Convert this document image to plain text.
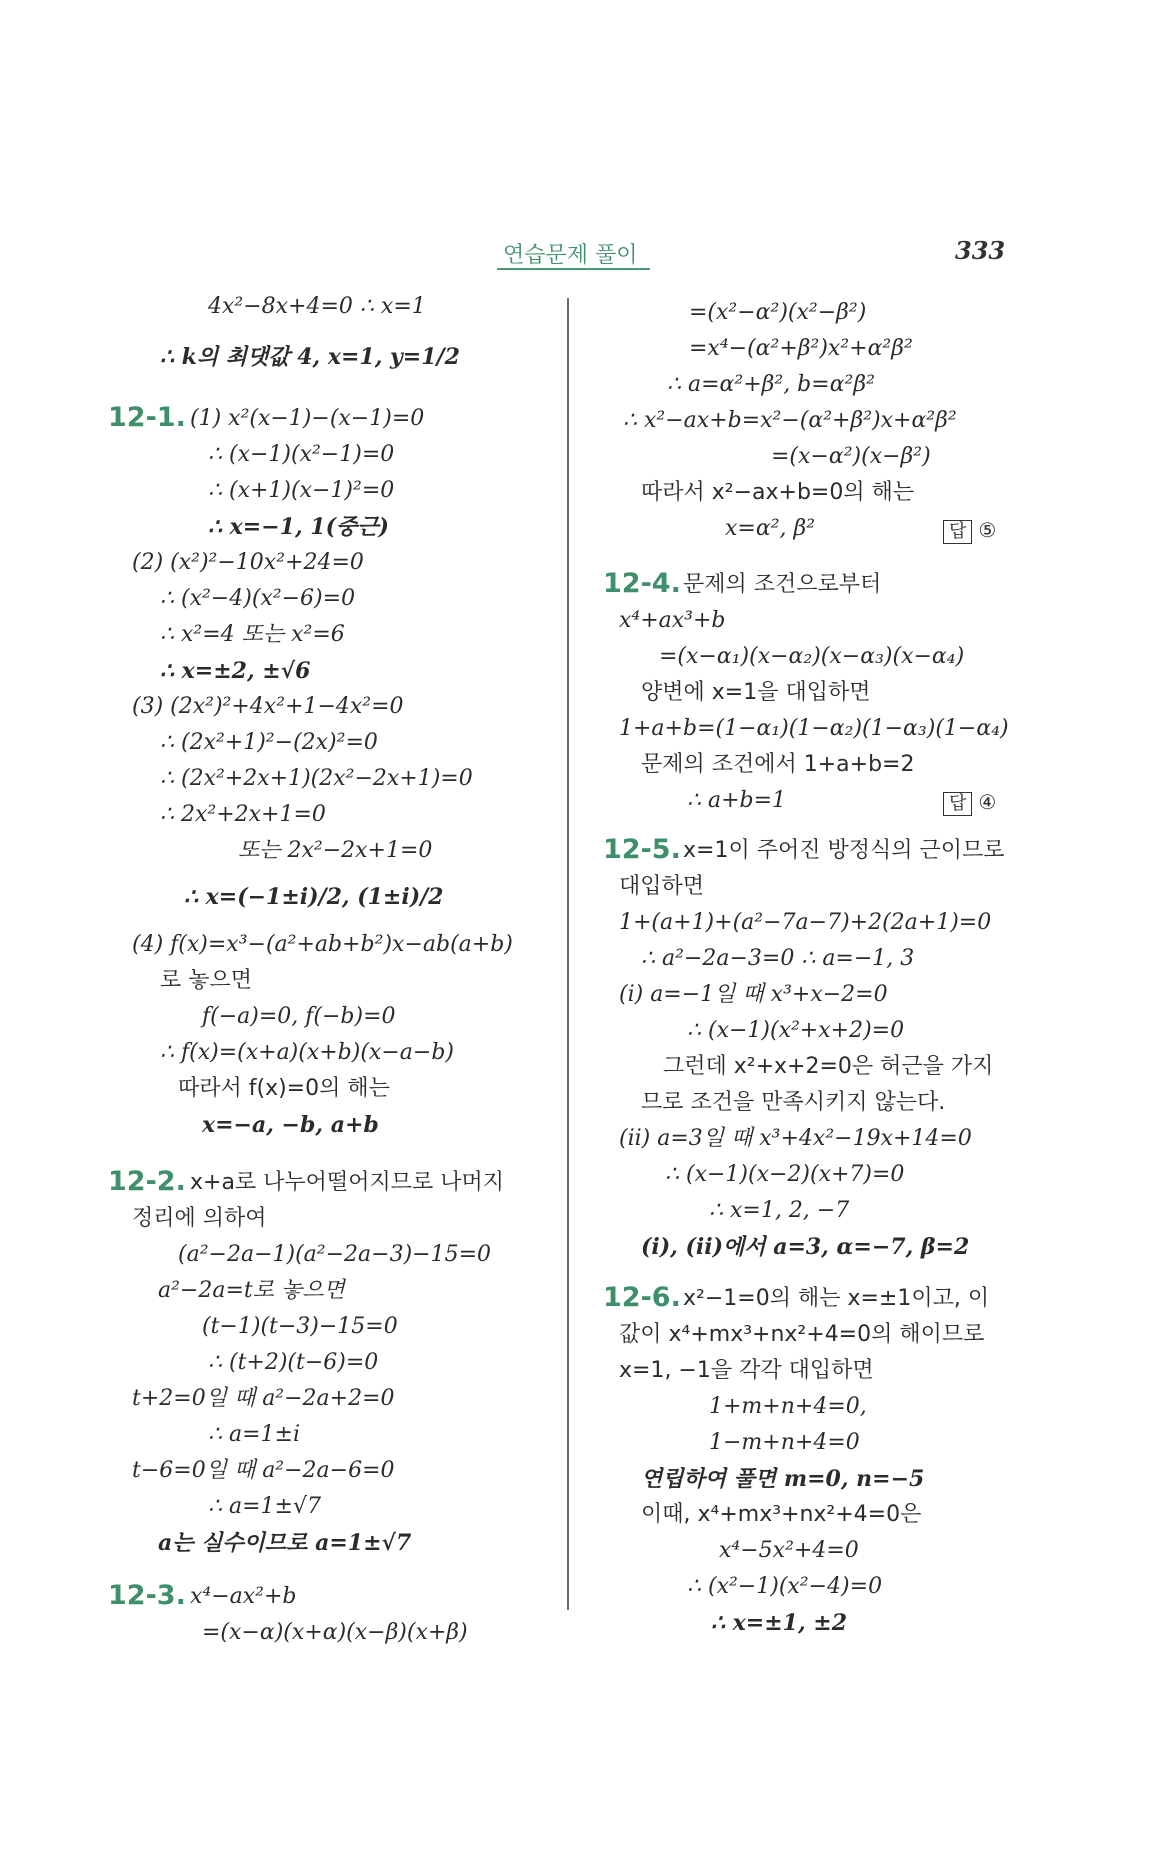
연습문제 풀이	333
4x²−8x+4=0 ∴ x=1
∴ k의 최댓값 4, x=1, y=1/2
12-1. (1) x²(x−1)−(x−1)=0
∴ (x−1)(x²−1)=0
∴ (x+1)(x−1)²=0
∴ x=−1, 1(중근)
(2) (x²)²−10x²+24=0
∴ (x²−4)(x²−6)=0
∴ x²=4 또는 x²=6
∴ x=±2, ±√6
(3) (2x²)²+4x²+1−4x²=0
∴ (2x²+1)²−(2x)²=0
∴ (2x²+2x+1)(2x²−2x+1)=0
∴ 2x²+2x+1=0
또는 2x²−2x+1=0
∴ x=(−1±i)/2, (1±i)/2
(4) f(x)=x³−(a²+ab+b²)x−ab(a+b)
로 놓으면
f(−a)=0, f(−b)=0
∴ f(x)=(x+a)(x+b)(x−a−b)
따라서 f(x)=0의 해는
x=−a, −b, a+b
12-2. x+a로 나누어떨어지므로 나머지
정리에 의하여
(a²−2a−1)(a²−2a−3)−15=0
a²−2a=t로 놓으면
(t−1)(t−3)−15=0
∴ (t+2)(t−6)=0
t+2=0일 때 a²−2a+2=0
∴ a=1±i
t−6=0일 때 a²−2a−6=0
∴ a=1±√7
a는 실수이므로 a=1±√7
12-3. x⁴−ax²+b
=(x−α)(x+α)(x−β)(x+β)
=(x²−α²)(x²−β²)
=x⁴−(α²+β²)x²+α²β²
∴ a=α²+β², b=α²β²
∴ x²−ax+b=x²−(α²+β²)x+α²β²
=(x−α²)(x−β²)
따라서 x²−ax+b=0의 해는
x=α², β²	답 ⑤
12-4. 문제의 조건으로부터
x⁴+ax³+b
=(x−α₁)(x−α₂)(x−α₃)(x−α₄)
양변에 x=1을 대입하면
1+a+b=(1−α₁)(1−α₂)(1−α₃)(1−α₄)
문제의 조건에서 1+a+b=2
∴ a+b=1	답 ④
12-5. x=1이 주어진 방정식의 근이므로
대입하면
1+(a+1)+(a²−7a−7)+2(2a+1)=0
∴ a²−2a−3=0 ∴ a=−1, 3
(i) a=−1일 때 x³+x−2=0
∴ (x−1)(x²+x+2)=0
그런데 x²+x+2=0은 허근을 가지
므로 조건을 만족시키지 않는다.
(ii) a=3일 때 x³+4x²−19x+14=0
∴ (x−1)(x−2)(x+7)=0
∴ x=1, 2, −7
(i), (ii)에서 a=3, α=−7, β=2
12-6. x²−1=0의 해는 x=±1이고, 이
값이 x⁴+mx³+nx²+4=0의 해이므로
x=1, −1을 각각 대입하면
1+m+n+4=0,
1−m+n+4=0
연립하여 풀면 m=0, n=−5
이때, x⁴+mx³+nx²+4=0은
x⁴−5x²+4=0
∴ (x²−1)(x²−4)=0
∴ x=±1, ±2
